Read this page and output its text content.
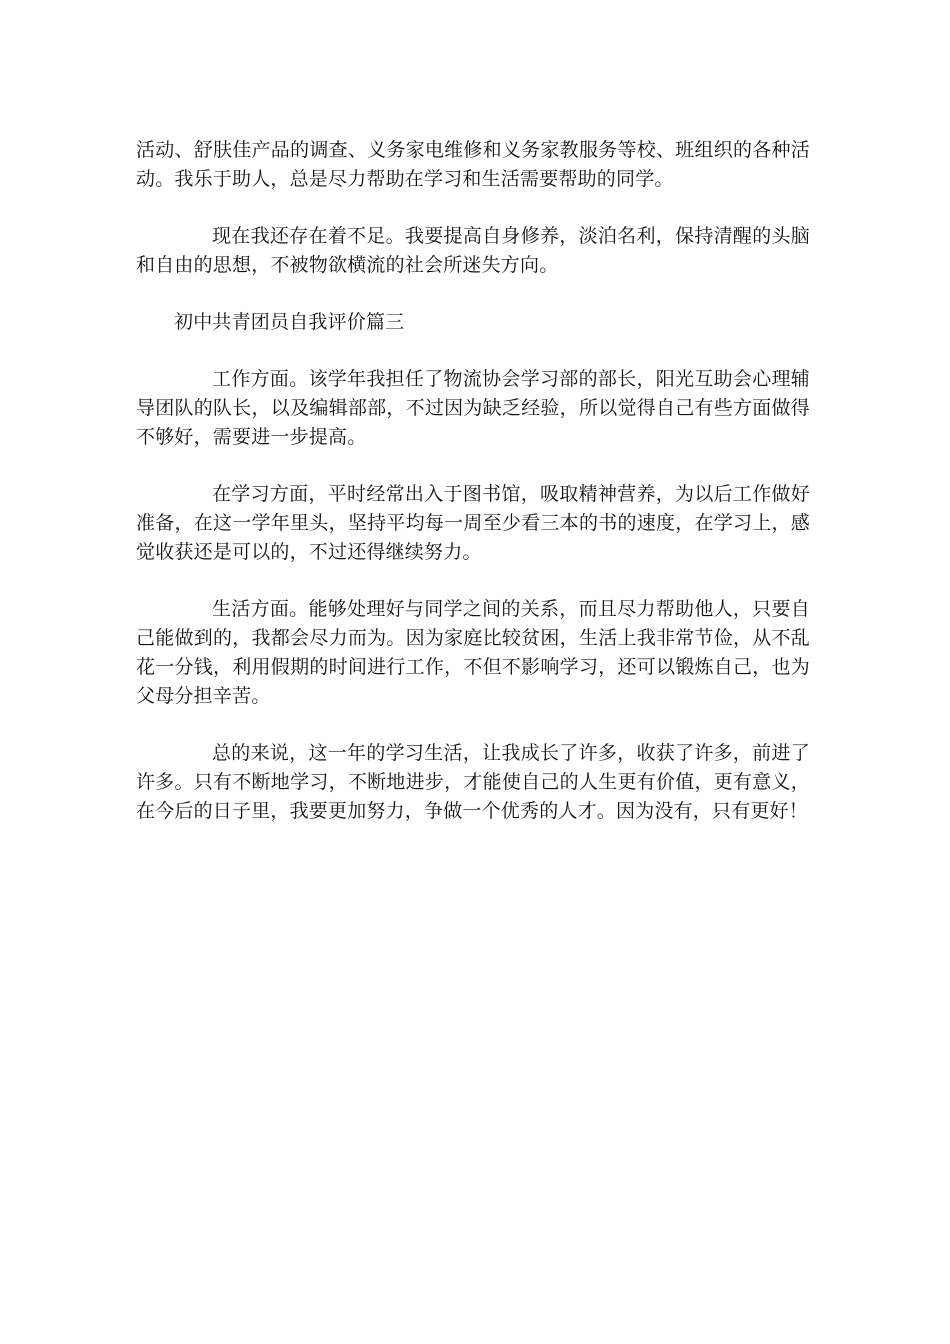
活动、舒肤佳产品的调查、义务家电维修和义务家教服务等校、班组织的各种活动。我乐于助人，总是尽力帮助在学习和生活需要帮助的同学。

现在我还存在着不足。我要提高自身修养，淡泊名利，保持清醒的头脑和自由的思想，不被物欲横流的社会所迷失方向。

初中共青团员自我评价篇三

工作方面。该学年我担任了物流协会学习部的部长，阳光互助会心理辅导团队的队长，以及编辑部部，不过因为缺乏经验，所以觉得自己有些方面做得不够好，需要进一步提高。

在学习方面，平时经常出入于图书馆，吸取精神营养，为以后工作做好准备，在这一学年里头，坚持平均每一周至少看三本的书的速度，在学习上，感觉收获还是可以的，不过还得继续努力。

生活方面。能够处理好与同学之间的关系，而且尽力帮助他人，只要自己能做到的，我都会尽力而为。因为家庭比较贫困，生活上我非常节俭，从不乱花一分钱，利用假期的时间进行工作，不但不影响学习，还可以锻炼自己，也为父母分担辛苦。

总的来说，这一年的学习生活，让我成长了许多，收获了许多，前进了许多。只有不断地学习，不断地进步，才能使自己的人生更有价值，更有意义，在今后的日子里，我要更加努力，争做一个优秀的人才。因为没有，只有更好！
